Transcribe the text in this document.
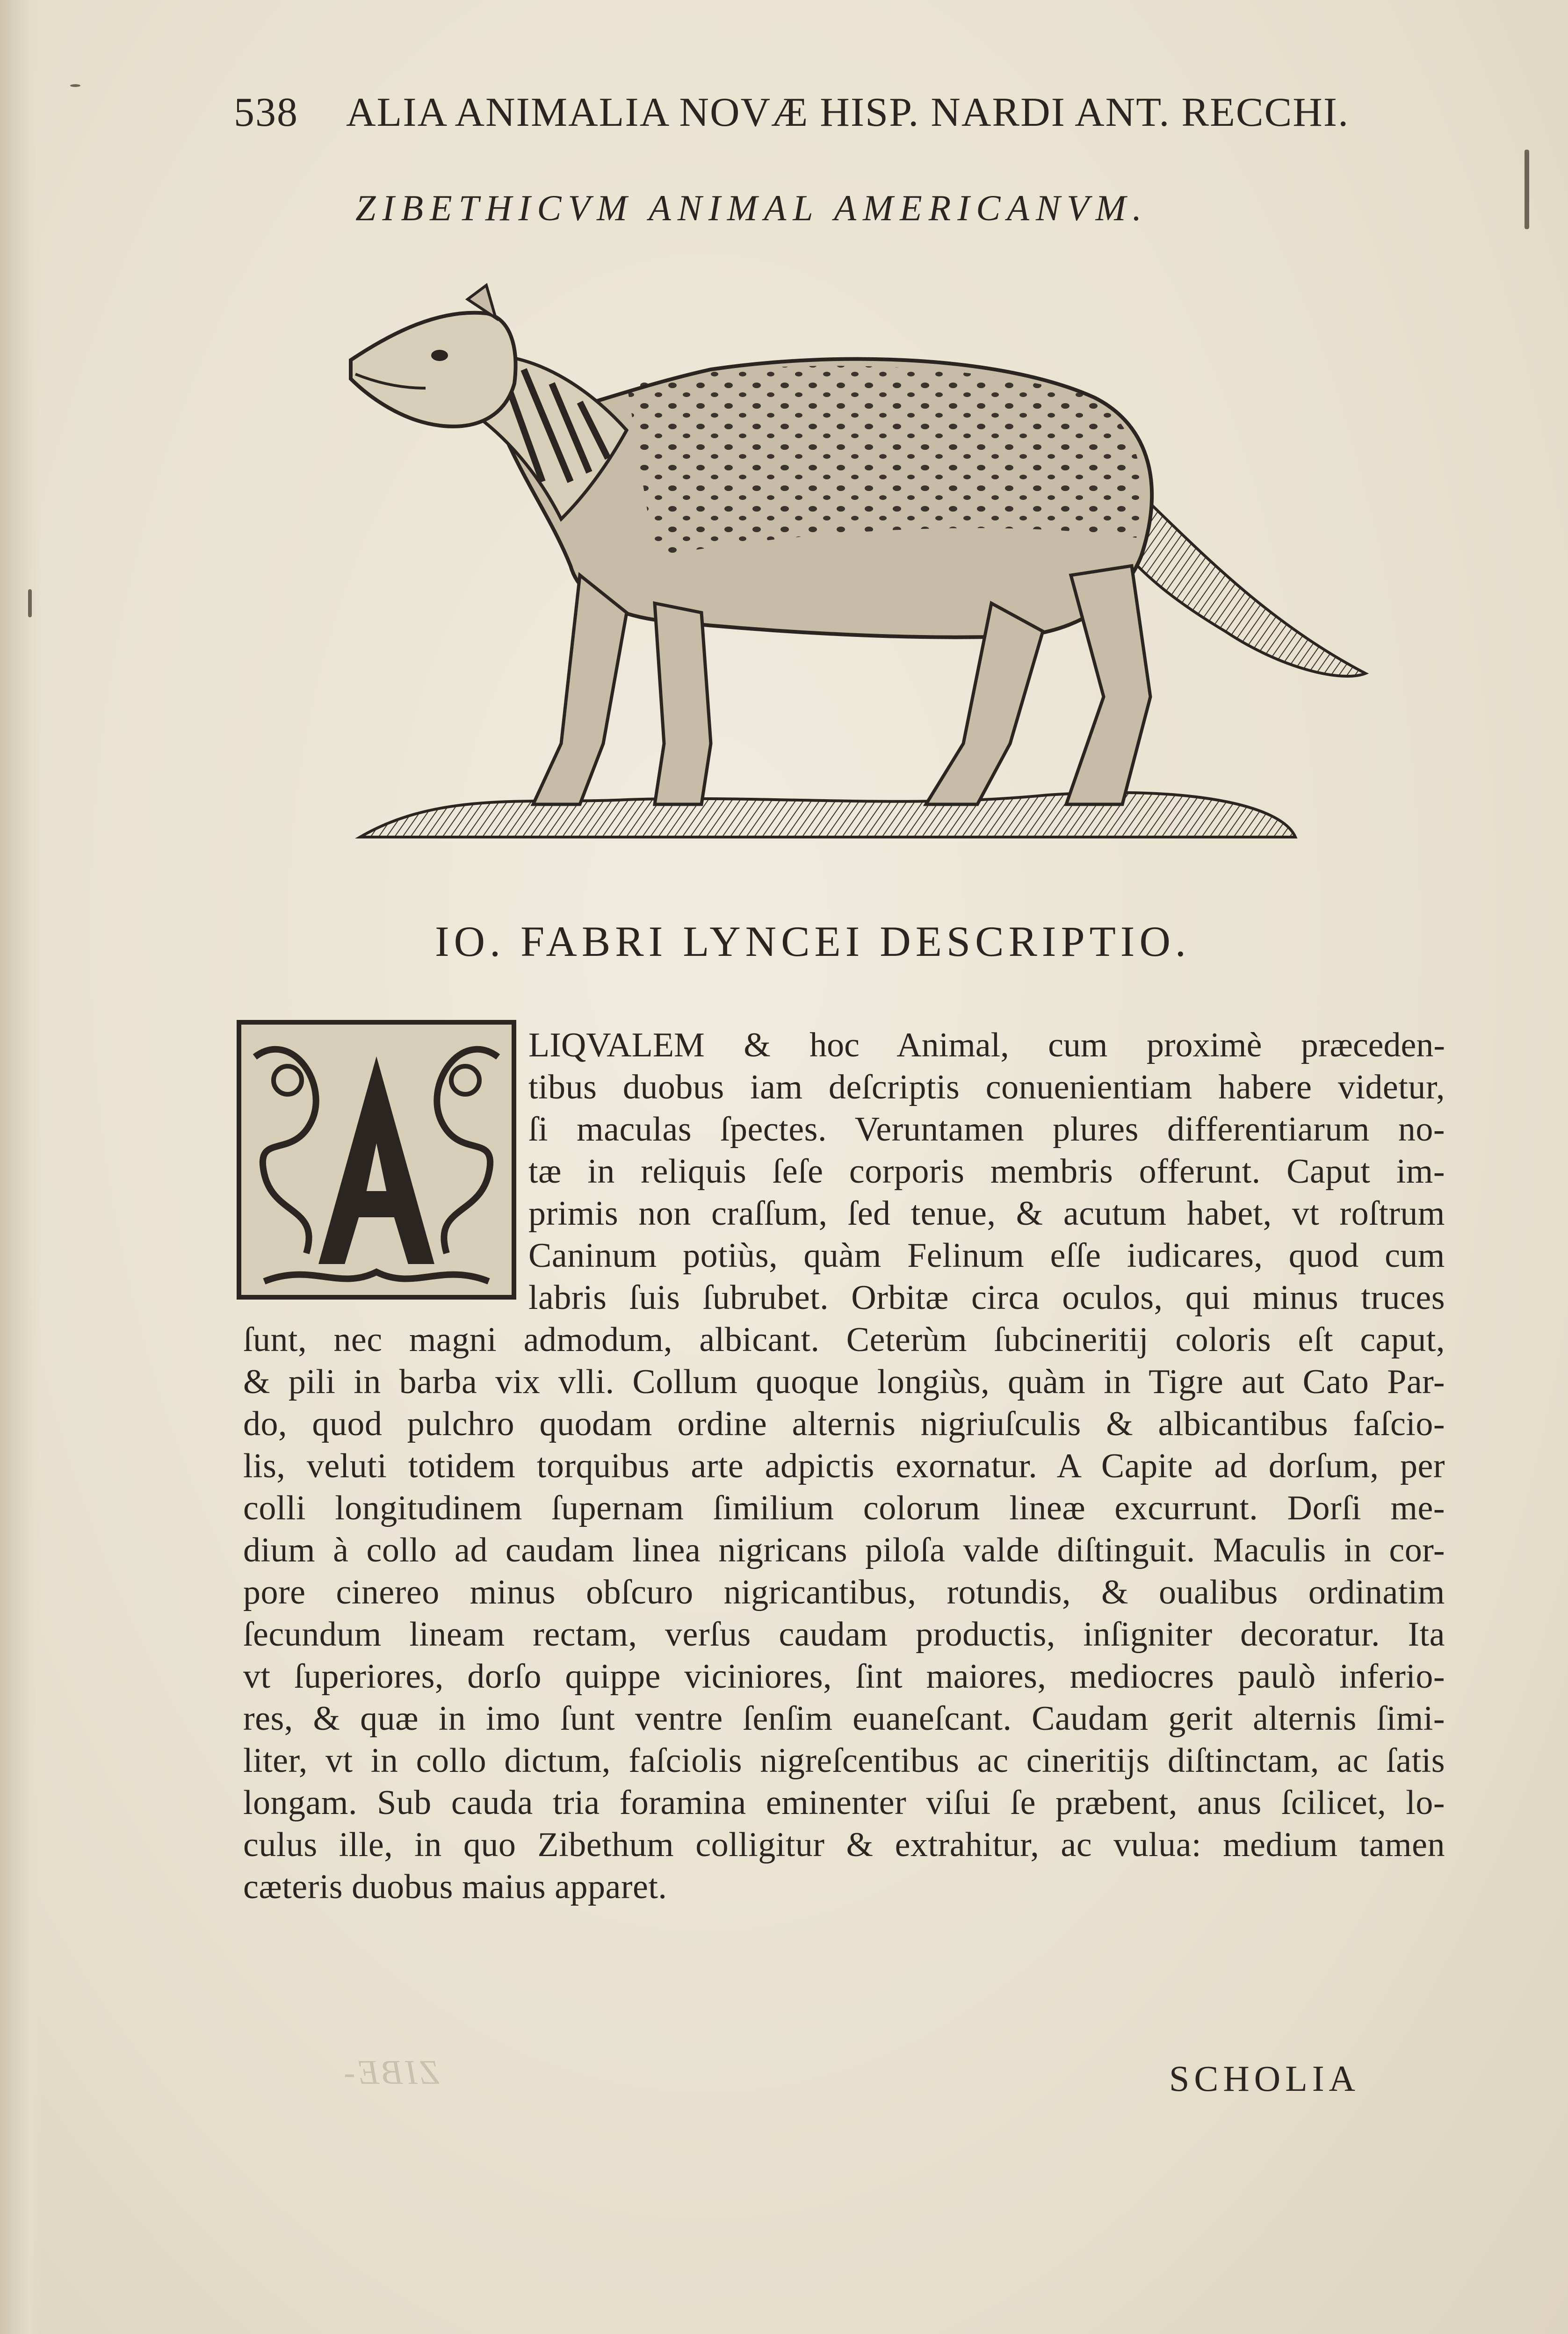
538 ALIA ANIMALIA NOVÆ HISP. NARDI ANT. RECCHI.
ZIBETHICVM ANIMAL AMERICANVM.
IO. FABRI LYNCEI DESCRIPTIO.
A
LIQVALEM & hoc Animal, cum proximè præceden-
tibus duobus iam deſcriptis conuenientiam habere videtur,
ſi maculas ſpectes. Veruntamen plures differentiarum no-
tæ in reliquis ſeſe corporis membris offerunt. Caput im-
primis non craſſum, ſed tenue, & acutum habet, vt roſtrum
Caninum potiùs, quàm Felinum eſſe iudicares, quod cum
labris ſuis ſubrubet. Orbitæ circa oculos, qui minus truces
ſunt, nec magni admodum, albicant. Ceterùm ſubcineritij coloris eſt caput,
& pili in barba vix vlli. Collum quoque longiùs, quàm in Tigre aut Cato Par-
do, quod pulchro quodam ordine alternis nigriuſculis & albicantibus faſcio-
lis, veluti totidem torquibus arte adpictis exornatur. A Capite ad dorſum, per
colli longitudinem ſupernam ſimilium colorum lineæ excurrunt. Dorſi me-
dium à collo ad caudam linea nigricans piloſa valde diſtinguit. Maculis in cor-
pore cinereo minus obſcuro nigricantibus, rotundis, & oualibus ordinatim
ſecundum lineam rectam, verſus caudam productis, inſigniter decoratur. Ita
vt ſuperiores, dorſo quippe viciniores, ſint maiores, mediocres paulò inferio-
res, & quæ in imo ſunt ventre ſenſim euaneſcant. Caudam gerit alternis ſimi-
liter, vt in collo dictum, faſciolis nigreſcentibus ac cineritijs diſtinctam, ac ſatis
longam. Sub cauda tria foramina eminenter viſui ſe præbent, anus ſcilicet, lo-
culus ille, in quo Zibethum colligitur & extrahitur, ac vulua: medium tamen
cæteris duobus maius apparet.
ZIBE-	SCHOLIA
